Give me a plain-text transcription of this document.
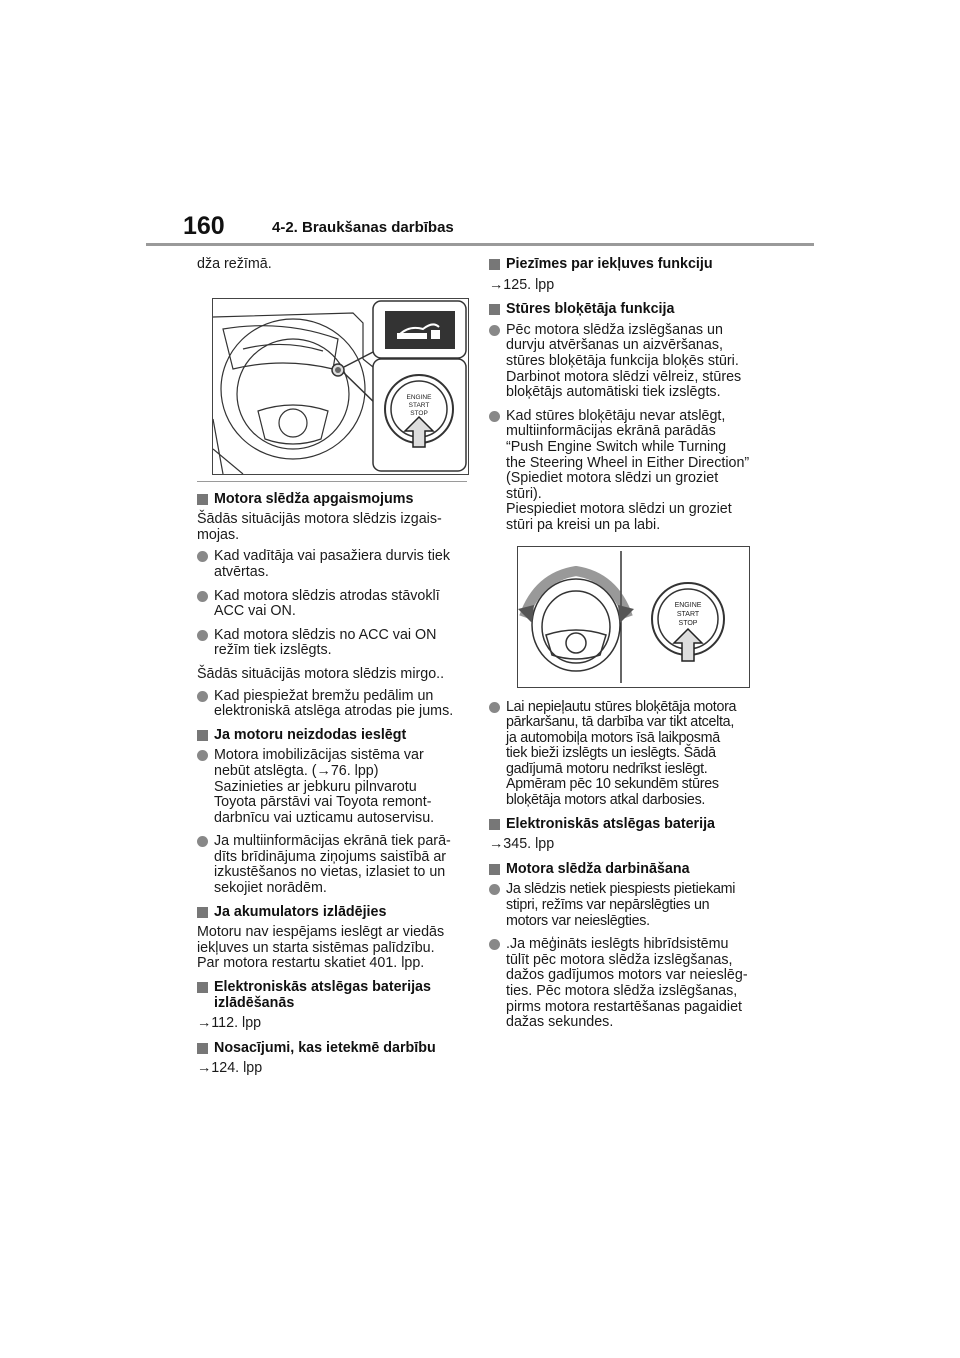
160	4-2. Braukšanas darbības
dža režīmā.
ENGINE
START
STOP
Motora slēdža apgaismojums
Šādās situācijās motora slēdzis izgais-
mojas.
Kad vadītāja vai pasažiera durvis tiek
atvērtas.
Kad motora slēdzis atrodas stāvoklī
ACC vai ON.
Kad motora slēdzis no ACC vai ON
režīm tiek izslēgts.
Šādās situācijās motora slēdzis mirgo..
Kad piespiežat bremžu pedālim un
elektroniskā atslēga atrodas pie jums.
Ja motoru neizdodas ieslēgt
Motora imobilizācijas sistēma var
nebūt atslēgta. (→76. lpp)
Sazinieties ar jebkuru pilnvarotu
Toyota pārstāvi vai Toyota remont-
darbnīcu vai uzticamu autoservisu.
Ja multiinformācijas ekrānā tiek parā-
dīts brīdinājuma ziņojums saistībā ar
izkustēšanos no vietas, izlasiet to un
sekojiet norādēm.
Ja akumulators izlādējies
Motoru nav iespējams ieslēgt ar viedās
iekļuves un starta sistēmas palīdzību.
Par motora restartu skatiet 401. lpp.
Elektroniskās atslēgas baterijas
izlādēšanās
→112. lpp
Nosacījumi, kas ietekmē darbību
→124. lpp
Piezīmes par iekļuves funkciju
→125. lpp
Stūres bloķētāja funkcija
Pēc motora slēdža izslēgšanas un
durvju atvēršanas un aizvēršanas,
stūres bloķētāja funkcija bloķēs stūri.
Darbinot motora slēdzi vēlreiz, stūres
bloķētājs automātiski tiek izslēgts.
Kad stūres bloķētāju nevar atslēgt,
multiinformācijas ekrānā parādās
“Push Engine Switch while Turning
the Steering Wheel in Either Direction”
(Spiediet motora slēdzi un groziet
stūri).
Piespiediet motora slēdzi un groziet
stūri pa kreisi un pa labi.
ENGINE
START
STOP
Lai nepieļautu stūres bloķētāja motora
pārkaršanu, tā darbība var tikt atcelta,
ja automobiļa motors īsā laikposmā
tiek bieži izslēgts un ieslēgts. Šādā
gadījumā motoru nedrīkst ieslēgt.
Apmēram pēc 10 sekundēm stūres
bloķētāja motors atkal darbosies.
Elektroniskās atslēgas baterija
→345. lpp
Motora slēdža darbināšana
Ja slēdzis netiek piespiests pietiekami
stipri, režīms var nepārslēgties un
motors var neieslēgties.
.Ja mēģināts ieslēgts hibrīdsistēmu
tūlīt pēc motora slēdža izslēgšanas,
dažos gadījumos motors var neieslēg-
ties. Pēc motora slēdža izslēgšanas,
pirms motora restartēšanas pagaidiet
dažas sekundes.
